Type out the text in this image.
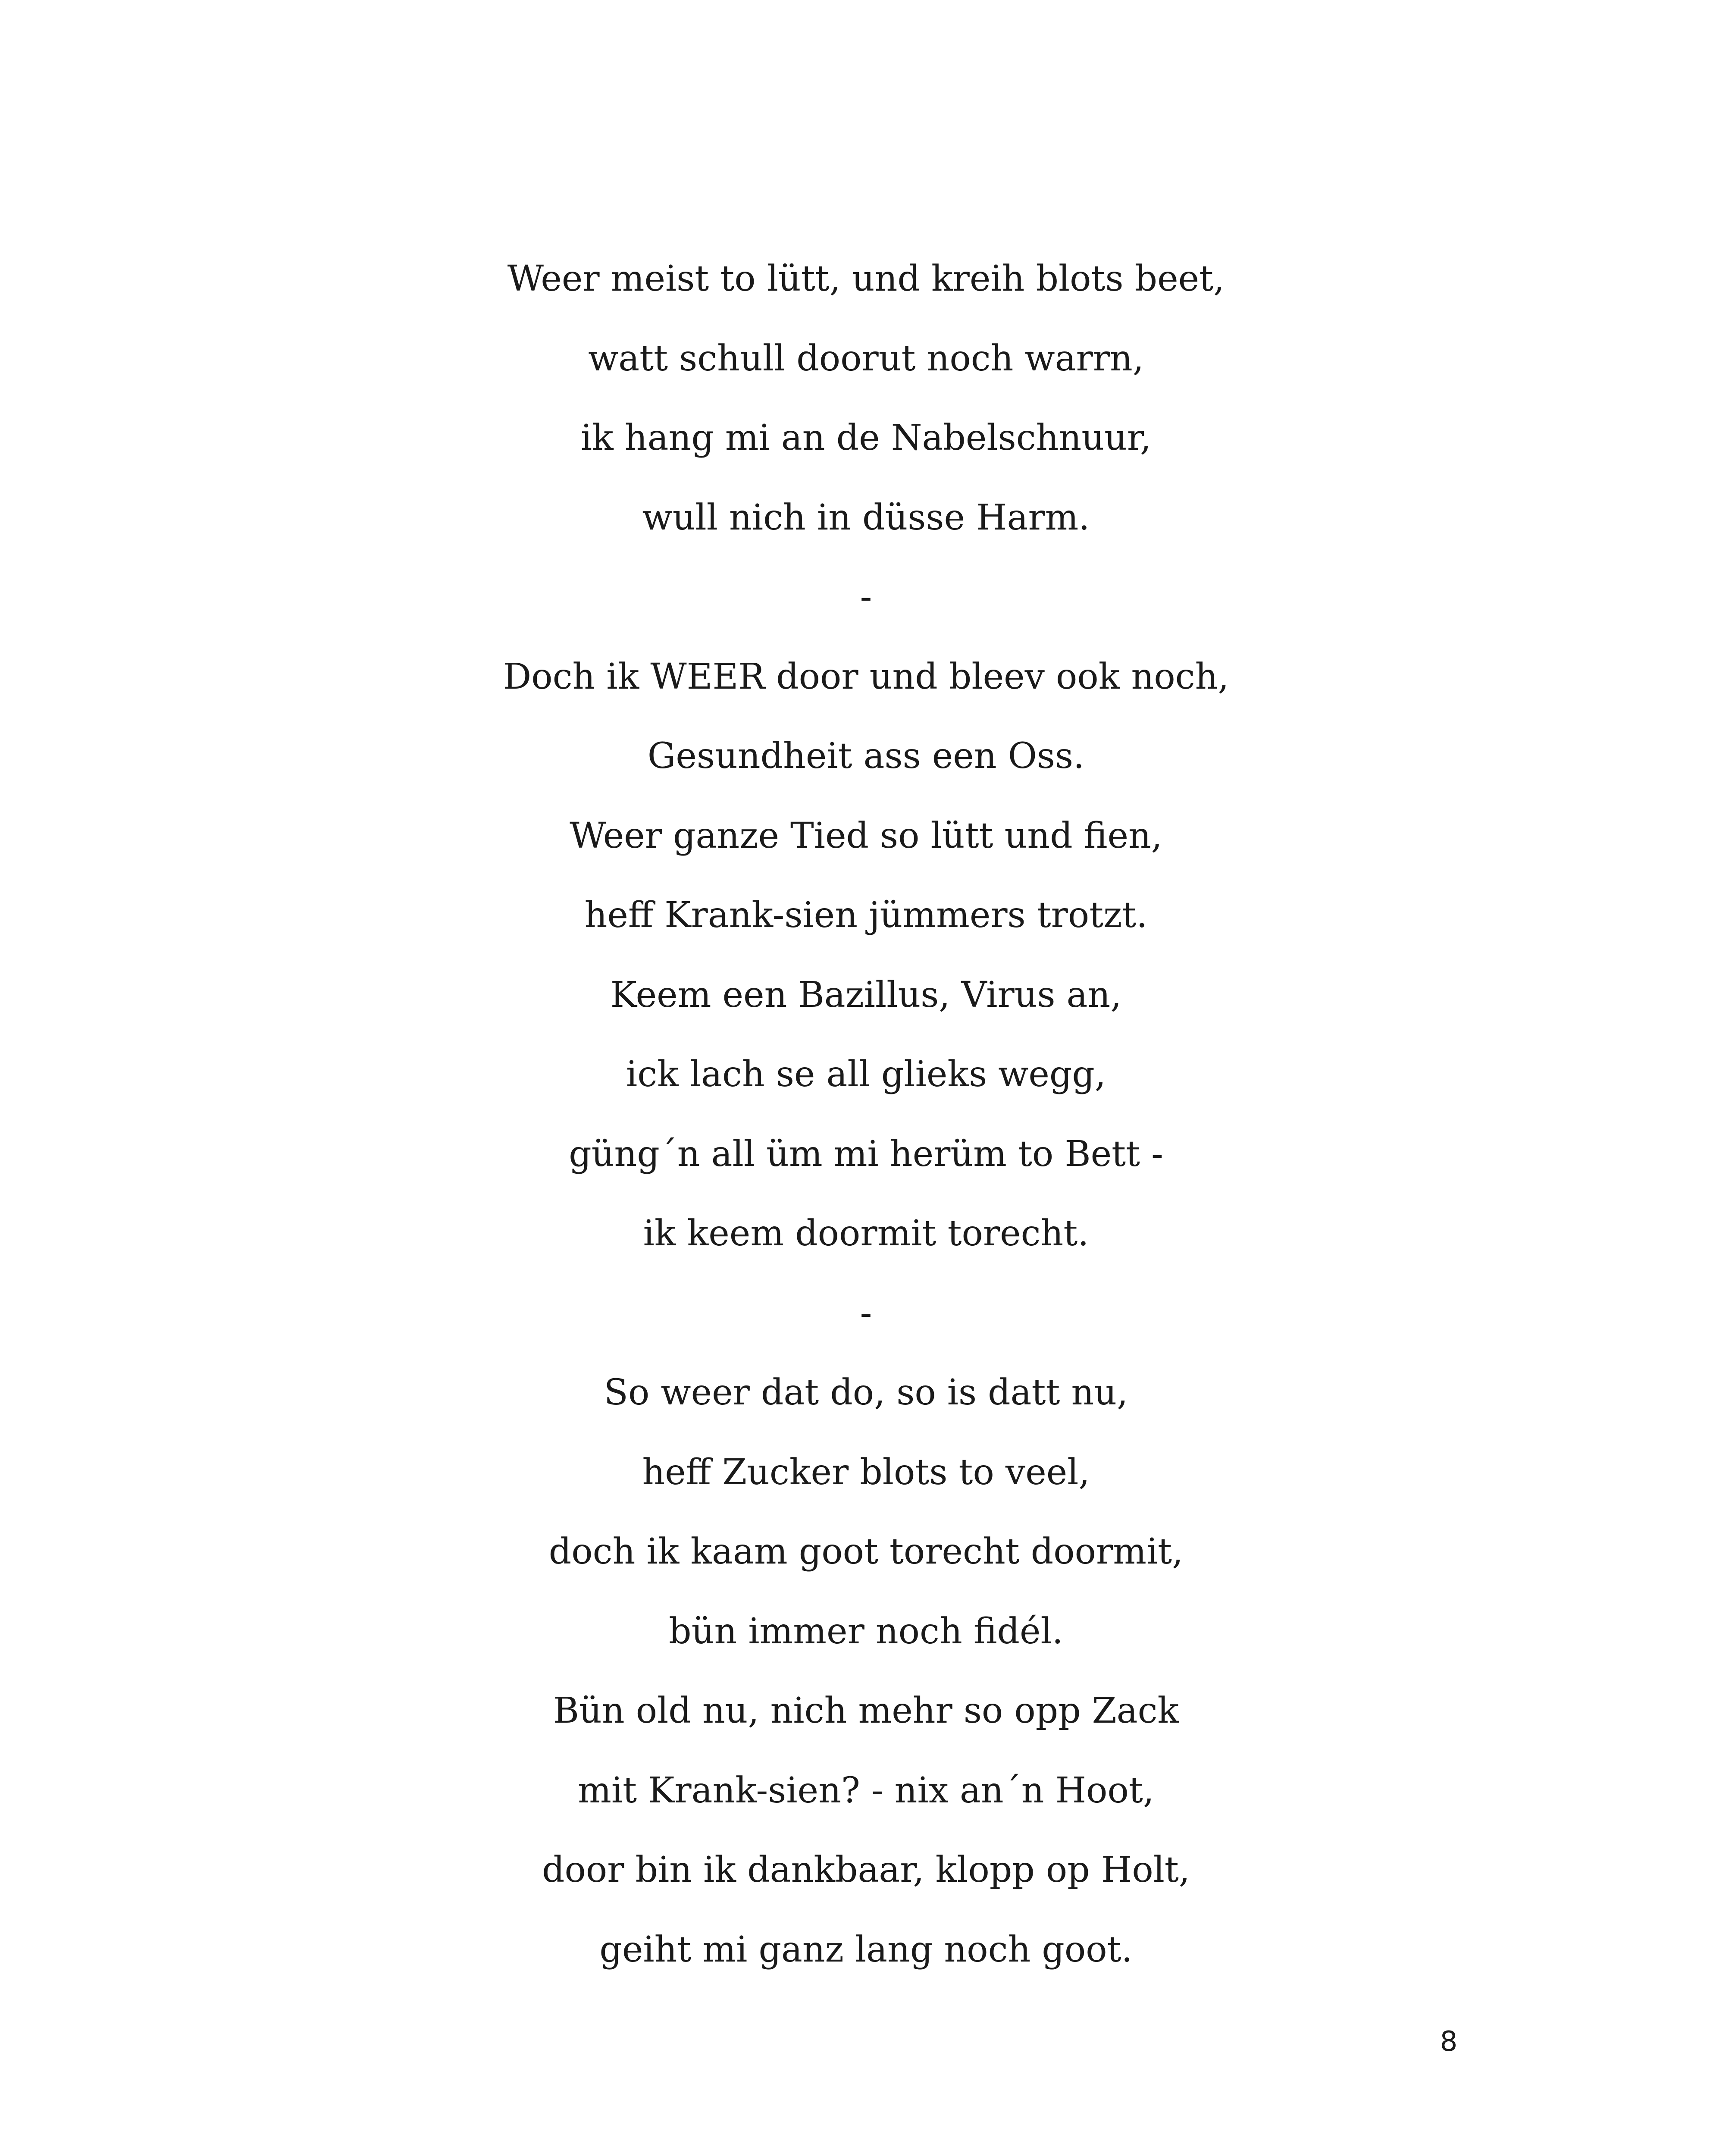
Weer meist to lütt, und kreih blots beet,
watt schull doorut noch warrn,
ik hang mi an de Nabelschnuur,
wull nich in düsse Harm.
-
Doch ik WEER door und bleev ook noch,
Gesundheit ass een Oss.
Weer ganze Tied so lütt und fien,
heff Krank-sien jümmers trotzt.
Keem een Bazillus, Virus an,
ick lach se all glieks wegg,
güng´n all üm mi herüm to Bett -
ik keem doormit torecht.
-
So weer dat do, so is datt nu,
heff Zucker blots to veel,
doch ik kaam goot torecht doormit,
bün immer noch fidél.
Bün old nu, nich mehr so opp Zack
mit Krank-sien? - nix an´n Hoot,
door bin ik dankbaar, klopp op Holt,
geiht mi ganz lang noch goot.
8
